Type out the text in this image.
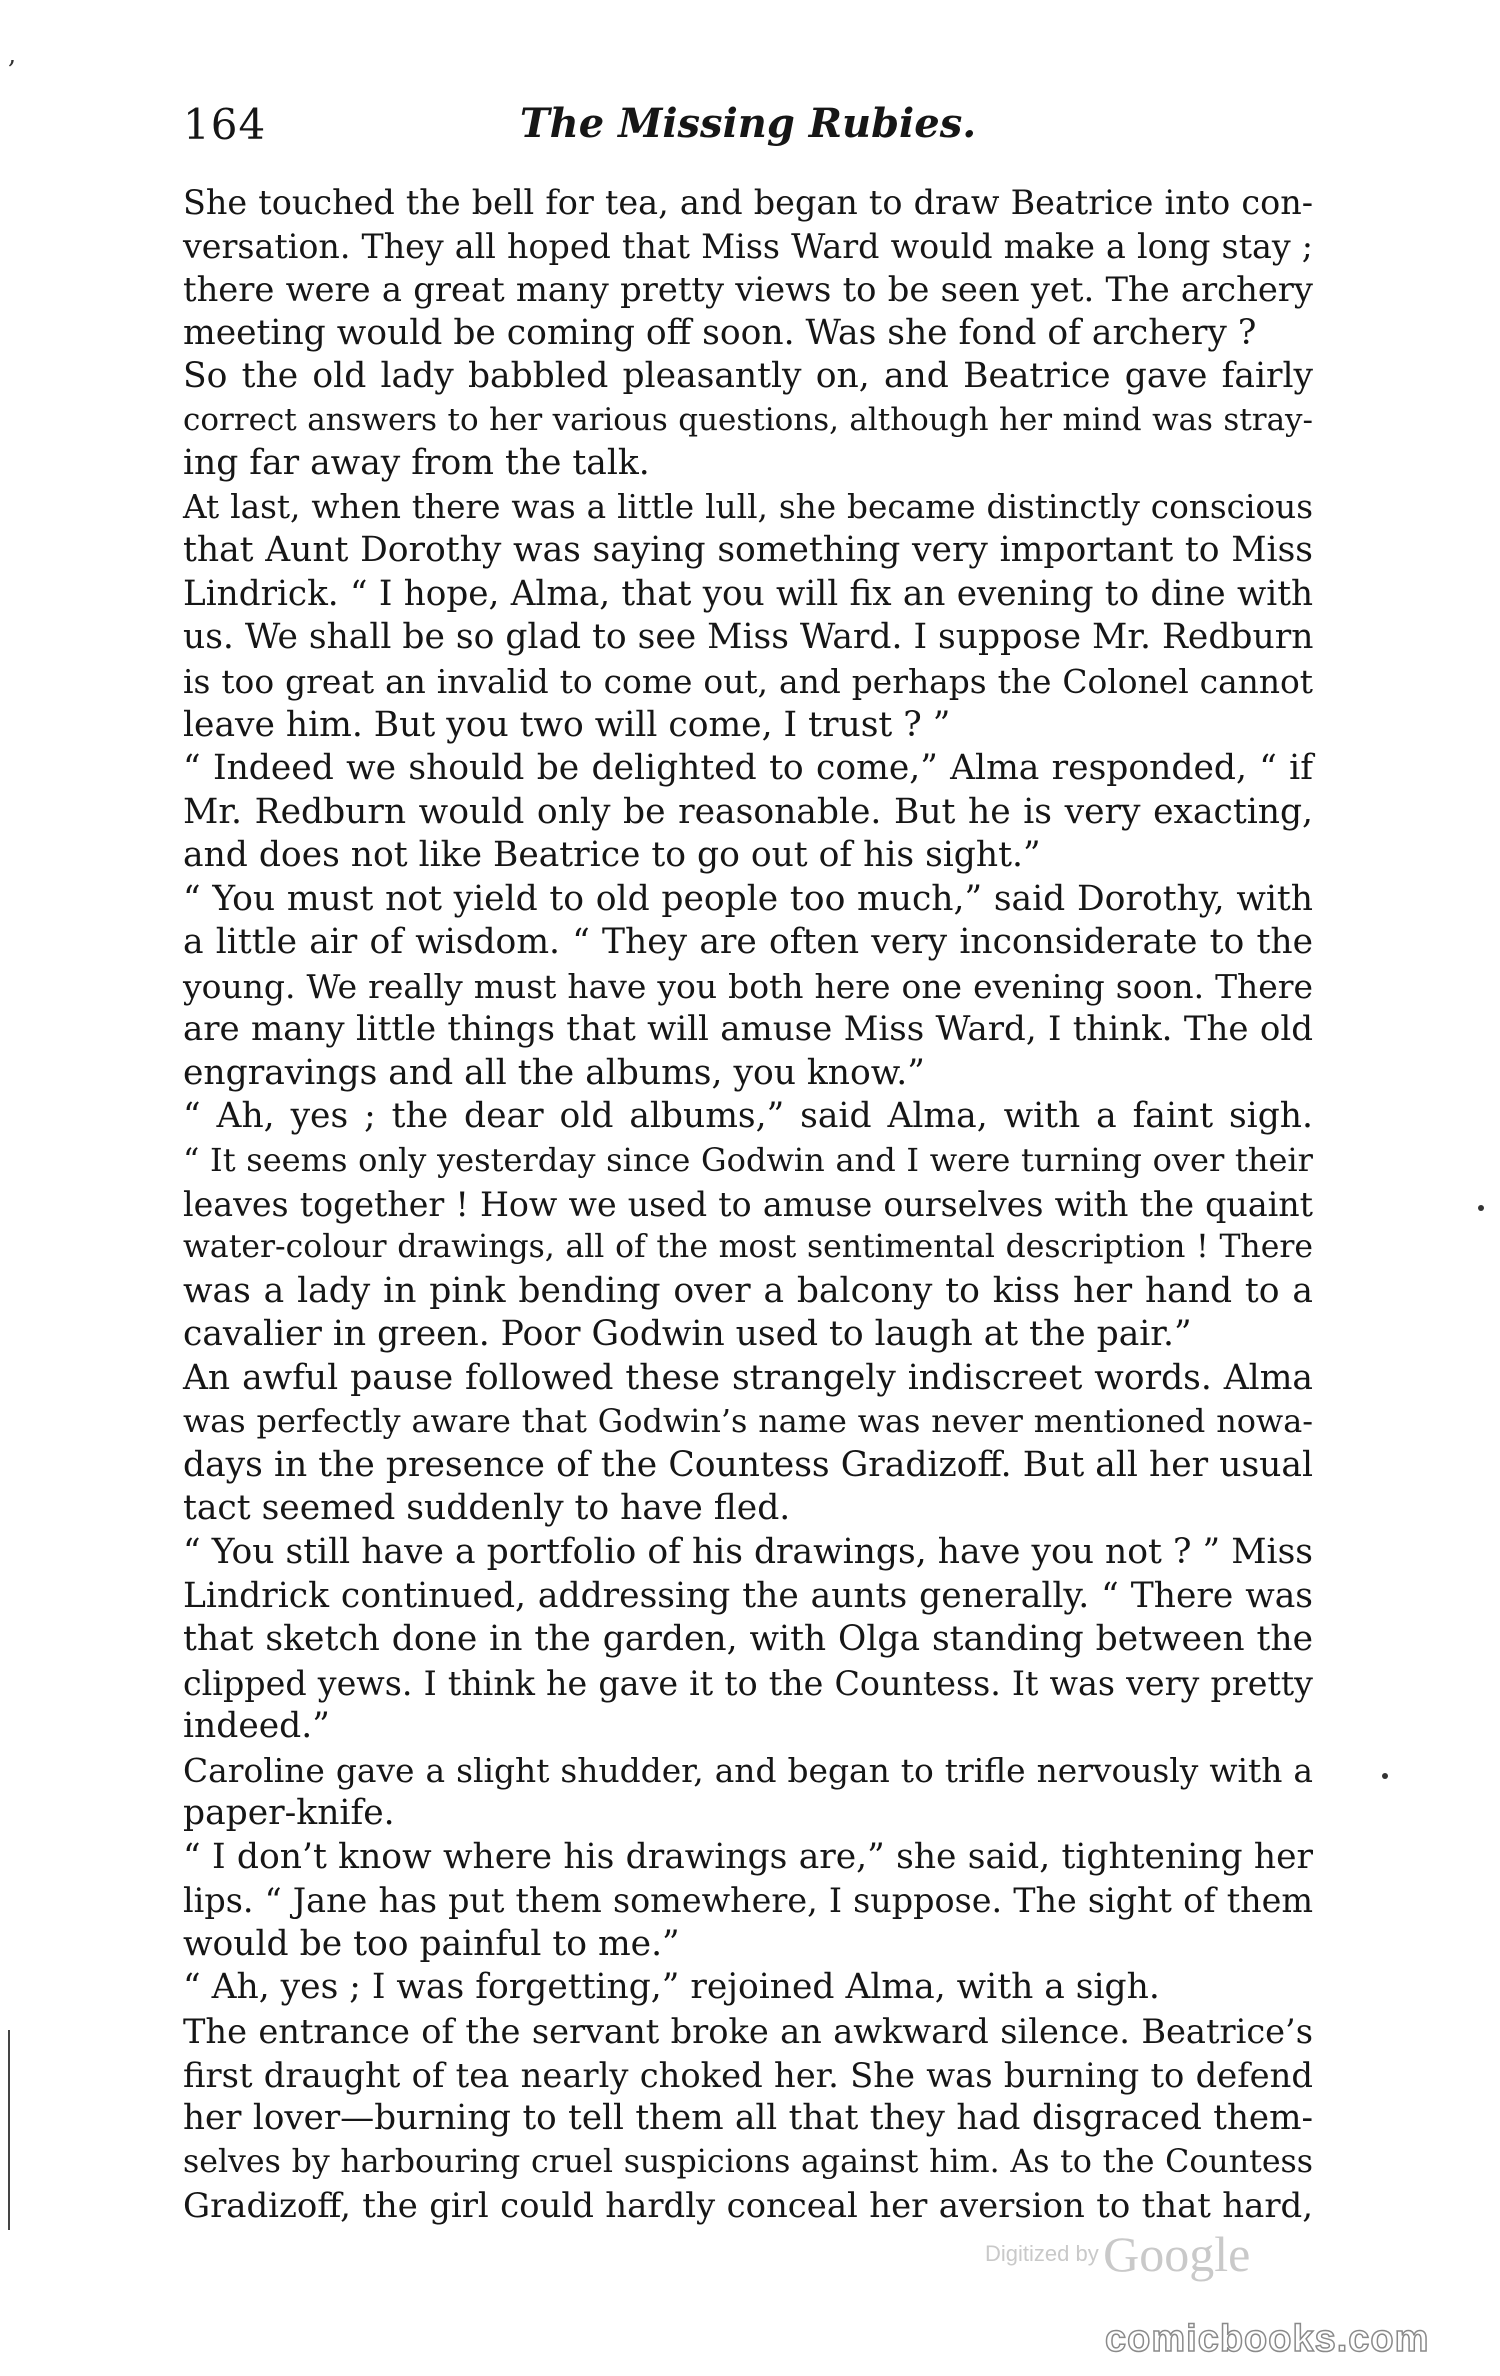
,
164	The Missing Rubies.
She touched the bell for tea, and began to draw Beatrice into con-
versation. They all hoped that Miss Ward would make a long stay ;
there were a great many pretty views to be seen yet. The archery
meeting would be coming off soon. Was she fond of archery ?
So the old lady babbled pleasantly on, and Beatrice gave fairly
correct answers to her various questions, although her mind was stray-
ing far away from the talk.
At last, when there was a little lull, she became distinctly conscious
that Aunt Dorothy was saying something very important to Miss
Lindrick. “ I hope, Alma, that you will fix an evening to dine with
us. We shall be so glad to see Miss Ward. I suppose Mr. Redburn
is too great an invalid to come out, and perhaps the Colonel cannot
leave him. But you two will come, I trust ? ”
“ Indeed we should be delighted to come,” Alma responded, “ if
Mr. Redburn would only be reasonable. But he is very exacting,
and does not like Beatrice to go out of his sight.”
“ You must not yield to old people too much,” said Dorothy, with
a little air of wisdom. “ They are often very inconsiderate to the
young. We really must have you both here one evening soon. There
are many little things that will amuse Miss Ward, I think. The old
engravings and all the albums, you know.”
“ Ah, yes ; the dear old albums,” said Alma, with a faint sigh.
“ It seems only yesterday since Godwin and I were turning over their
leaves together ! How we used to amuse ourselves with the quaint
water-colour drawings, all of the most sentimental description ! There
was a lady in pink bending over a balcony to kiss her hand to a
cavalier in green. Poor Godwin used to laugh at the pair.”
An awful pause followed these strangely indiscreet words. Alma
was perfectly aware that Godwin’s name was never mentioned nowa-
days in the presence of the Countess Gradizoff. But all her usual
tact seemed suddenly to have fled.
“ You still have a portfolio of his drawings, have you not ? ” Miss
Lindrick continued, addressing the aunts generally. “ There was
that sketch done in the garden, with Olga standing between the
clipped yews. I think he gave it to the Countess. It was very pretty
indeed.”
Caroline gave a slight shudder, and began to trifle nervously with a
paper-knife.
“ I don’t know where his drawings are,” she said, tightening her
lips. “ Jane has put them somewhere, I suppose. The sight of them
would be too painful to me.”
“ Ah, yes ; I was forgetting,” rejoined Alma, with a sigh.
The entrance of the servant broke an awkward silence. Beatrice’s
first draught of tea nearly choked her. She was burning to defend
her lover—burning to tell them all that they had disgraced them-
selves by harbouring cruel suspicions against him. As to the Countess
Gradizoff, the girl could hardly conceal her aversion to that hard,
Digitized by Google
comicbooks.com
